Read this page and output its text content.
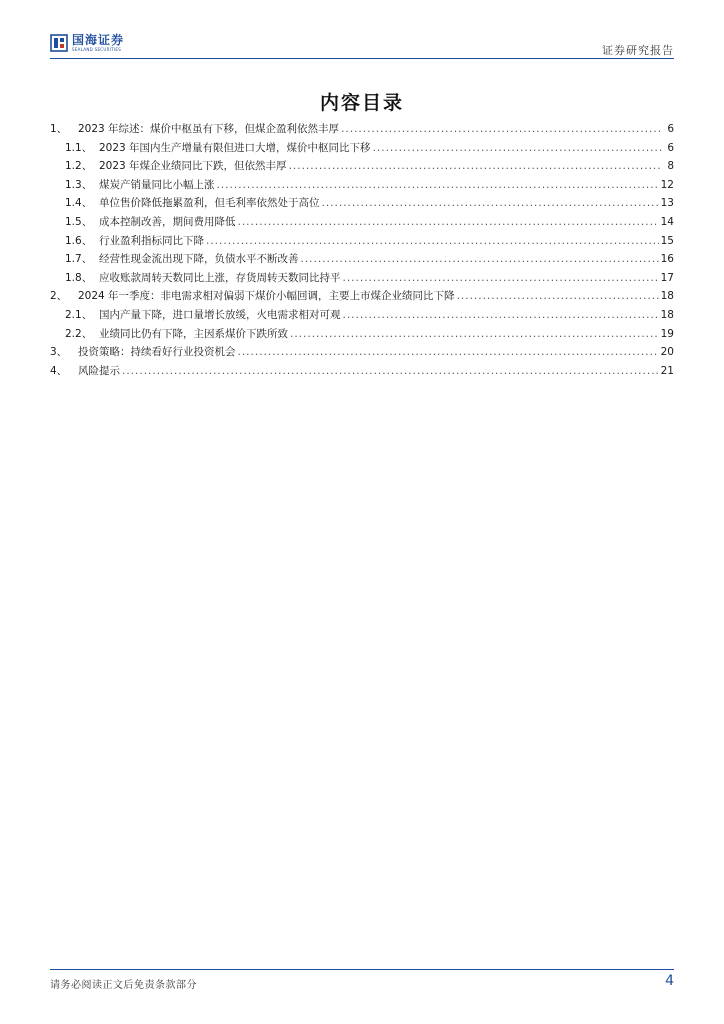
国海证券
SEALAND SECURITIES	证券研究报告
内容目录
1、	2023 年综述：煤价中枢虽有下移，但煤企盈利依然丰厚 .....	6
1.1、 2023 年国内生产增量有限但进口大增，煤价中枢同比下移 .....	6
1.2、 2023 年煤企业绩同比下跌，但依然丰厚 .....	8
1.3、 煤炭产销量同比小幅上涨 .....	12
1.4、 单位售价降低拖累盈利，但毛利率依然处于高位 .....	13
1.5、 成本控制改善，期间费用降低 .....	14
1.6、 行业盈利指标同比下降 .....	15
1.7、 经营性现金流出现下降，负债水平不断改善 .....	16
1.8、 应收账款周转天数同比上涨，存货周转天数同比持平 .....	17
2、	2024 年一季度：非电需求相对偏弱下煤价小幅回调，主要上市煤企业绩同比下降 .....	18
2.1、 国内产量下降，进口量增长放缓，火电需求相对可观 .....	18
2.2、 业绩同比仍有下降，主因系煤价下跌所致 .....	19
3、	投资策略：持续看好行业投资机会 .....	20
4、	风险提示 .....	21
请务必阅读正文后免责条款部分	4
